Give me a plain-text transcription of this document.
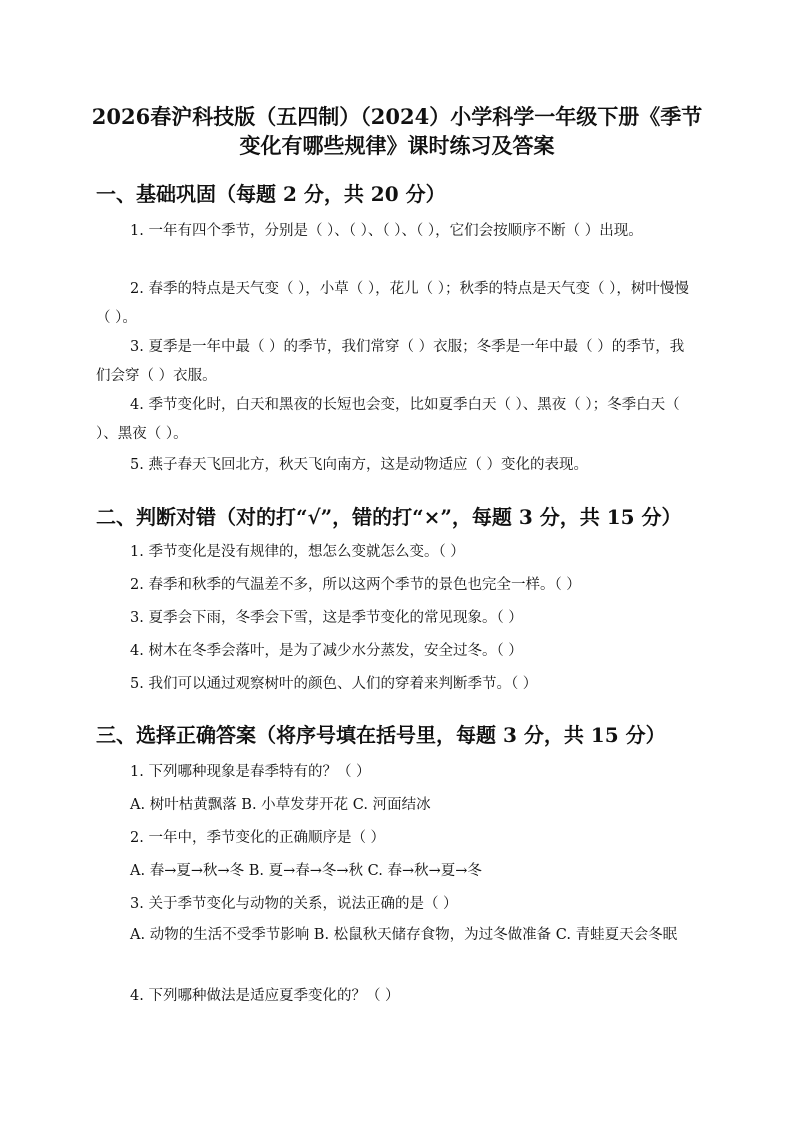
2026春沪科技版（五四制）（2024）小学科学一年级下册《季节
变化有哪些规律》课时练习及答案
一、基础巩固（每题 2 分，共 20 分）
1. 一年有四个季节，分别是（ ）、（ ）、（ ）、（ ），它们会按顺序不断（ ）出现。
2. 春季的特点是天气变（ ），小草（ ），花儿（ ）；秋季的特点是天气变（ ），树叶慢慢（ ）。
3. 夏季是一年中最（ ）的季节，我们常穿（ ）衣服；冬季是一年中最（ ）的季节，我们会穿（ ）衣服。
4. 季节变化时，白天和黑夜的长短也会变，比如夏季白天（ ）、黑夜（ ）；冬季白天（ ）、黑夜（ ）。
5. 燕子春天飞回北方，秋天飞向南方，这是动物适应（ ）变化的表现。
二、判断对错（对的打“√”，错的打“×”，每题 3 分，共 15 分）
1. 季节变化是没有规律的，想怎么变就怎么变。（ ）
2. 春季和秋季的气温差不多，所以这两个季节的景色也完全一样。（ ）
3. 夏季会下雨，冬季会下雪，这是季节变化的常见现象。（ ）
4. 树木在冬季会落叶，是为了减少水分蒸发，安全过冬。（ ）
5. 我们可以通过观察树叶的颜色、人们的穿着来判断季节。（ ）
三、选择正确答案（将序号填在括号里，每题 3 分，共 15 分）
1. 下列哪种现象是春季特有的？（ ）
A. 树叶枯黄飘落 B. 小草发芽开花 C. 河面结冰
2. 一年中，季节变化的正确顺序是（ ）
A. 春→夏→秋→冬 B. 夏→春→冬→秋 C. 春→秋→夏→冬
3. 关于季节变化与动物的关系，说法正确的是（ ）
A. 动物的生活不受季节影响 B. 松鼠秋天储存食物，为过冬做准备 C. 青蛙夏天会冬眠
4. 下列哪种做法是适应夏季变化的？（ ）
